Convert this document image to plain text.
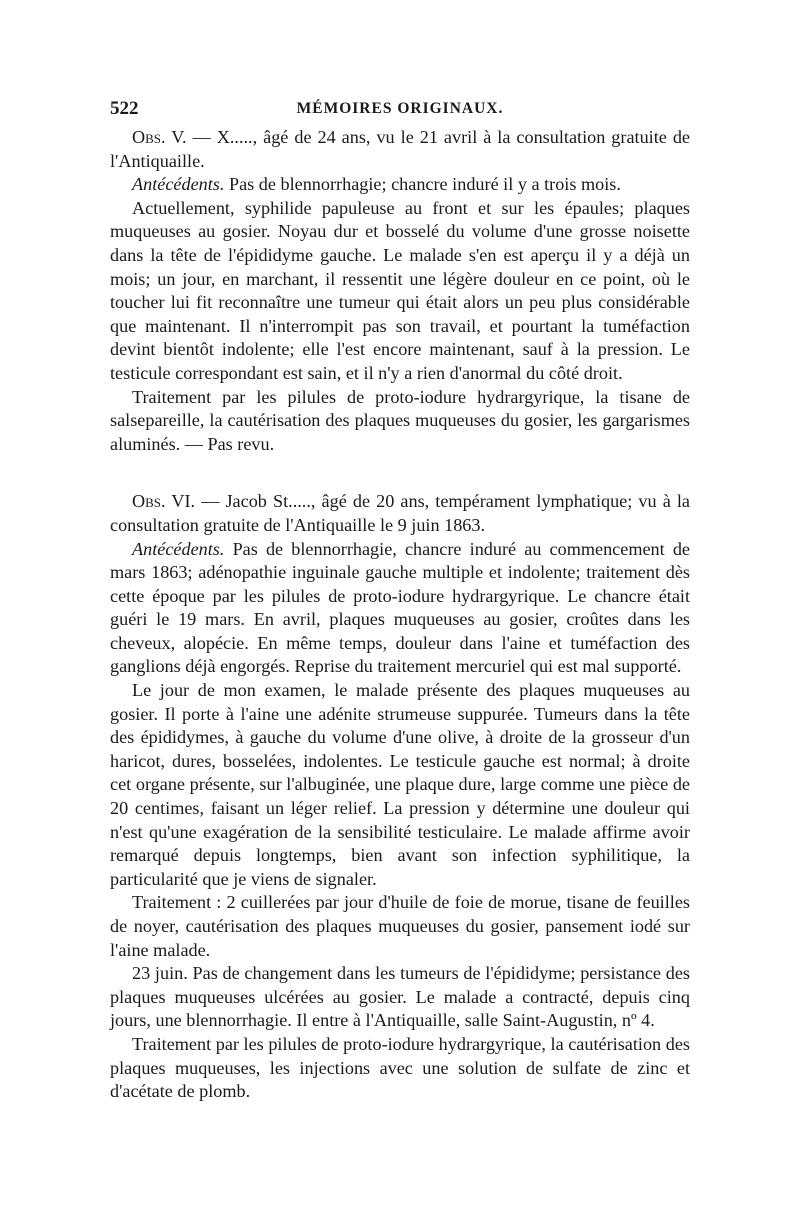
522	MÉMOIRES ORIGINAUX.

Obs. V. — X....., âgé de 24 ans, vu le 21 avril à la consultation gratuite de l'Antiquaille.

Antécédents. Pas de blennorrhagie; chancre induré il y a trois mois.

Actuellement, syphilide papuleuse au front et sur les épaules; plaques muqueuses au gosier. Noyau dur et bosselé du volume d'une grosse noisette dans la tête de l'épididyme gauche. Le malade s'en est aperçu il y a déjà un mois; un jour, en marchant, il ressentit une légère douleur en ce point, où le toucher lui fit reconnaître une tumeur qui était alors un peu plus considérable que maintenant. Il n'interrompit pas son travail, et pourtant la tuméfaction devint bientôt indolente; elle l'est encore maintenant, sauf à la pression. Le testicule correspondant est sain, et il n'y a rien d'anormal du côté droit.

Traitement par les pilules de proto-iodure hydrargyrique, la tisane de salsepareille, la cautérisation des plaques muqueuses du gosier, les gargarismes aluminés. — Pas revu.

Obs. VI. — Jacob St....., âgé de 20 ans, tempérament lymphatique; vu à la consultation gratuite de l'Antiquaille le 9 juin 1863.

Antécédents. Pas de blennorrhagie, chancre induré au commencement de mars 1863; adénopathie inguinale gauche multiple et indolente; traitement dès cette époque par les pilules de proto-iodure hydrargyrique. Le chancre était guéri le 19 mars. En avril, plaques muqueuses au gosier, croûtes dans les cheveux, alopécie. En même temps, douleur dans l'aine et tuméfaction des ganglions déjà engorgés. Reprise du traitement mercuriel qui est mal supporté.

Le jour de mon examen, le malade présente des plaques muqueuses au gosier. Il porte à l'aine une adénite strumeuse suppurée. Tumeurs dans la tête des épididymes, à gauche du volume d'une olive, à droite de la grosseur d'un haricot, dures, bosselées, indolentes. Le testicule gauche est normal; à droite cet organe présente, sur l'albuginée, une plaque dure, large comme une pièce de 20 centimes, faisant un léger relief. La pression y détermine une douleur qui n'est qu'une exagération de la sensibilité testiculaire. Le malade affirme avoir remarqué depuis longtemps, bien avant son infection syphilitique, la particularité que je viens de signaler.

Traitement : 2 cuillerées par jour d'huile de foie de morue, tisane de feuilles de noyer, cautérisation des plaques muqueuses du gosier, pansement iodé sur l'aine malade.

23 juin. Pas de changement dans les tumeurs de l'épididyme; persistance des plaques muqueuses ulcérées au gosier. Le malade a contracté, depuis cinq jours, une blennorrhagie. Il entre à l'Antiquaille, salle Saint-Augustin, nº 4.

Traitement par les pilules de proto-iodure hydrargyrique, la cautérisation des plaques muqueuses, les injections avec une solution de sulfate de zinc et d'acétate de plomb.
